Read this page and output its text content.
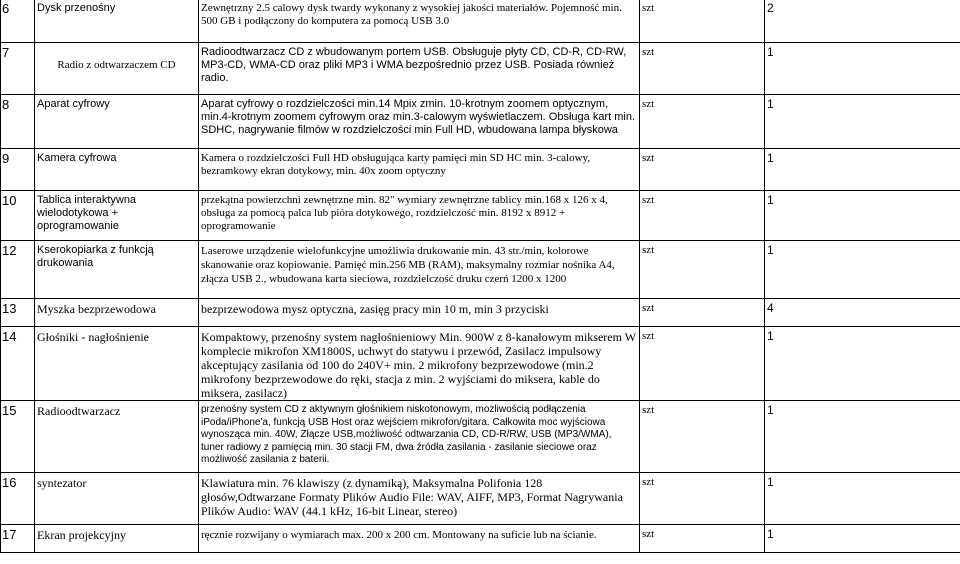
6	Dysk przenośny	Zewnętrzny 2.5 calowy dysk twardy wykonany z wysokiej jakości materiałów. Pojemność min. 500 GB i podłączony do komputera za pomocą USB 3.0	szt	2
7	Radio z odtwarzaczem CD	Radioodtwarzacz CD z wbudowanym portem USB. Obsługuje płyty CD, CD-R, CD-RW, MP3-CD, WMA-CD oraz pliki MP3 i WMA bezpośrednio przez USB. Posiada również radio.	szt	1
8	Aparat cyfrowy	Aparat cyfrowy o rozdzielczości min.14 Mpix zmin. 10-krotnym zoomem optycznym, min.4-krotnym zoomem cyfrowym oraz min.3-calowym wyświetlaczem. Obsługa kart min. SDHC, nagrywanie filmów w rozdzielczości min Full HD, wbudowana lampa błyskowa	szt	1
9	Kamera cyfrowa	Kamera o rozdzielczości Full HD obsługująca karty pamięci min SD HC min. 3-calowy, bezramkowy ekran dotykowy, min. 40x zoom optyczny	szt	1
10	Tablica interaktywna wielodotykowa + oprogramowanie	przekątna powierzchni zewnętrzne min. 82" wymiary zewnętrzne tablicy min.168 x 126 x 4, obsługa za pomocą palca lub pióra dotykowego, rozdzielczość min. 8192 x 8912 + oprogramowanie	szt	1
12	Kserokopiarka z funkcją drukowania	Laserowe urządzenie wielofunkcyjne umożliwia drukowanie min. 43 str./min, kolorowe skanowanie oraz kopiowanie. Pamięć min.256 MB (RAM), maksymalny rozmiar nośnika A4, złącza USB 2., wbudowana karta sieciowa, rozdzielczość druku czerń 1200 x 1200	szt	1
13	Myszka bezprzewodowa	bezprzewodowa mysz optyczna, zasięg pracy min 10 m, min 3 przyciski	szt	4
14	Głośniki - nagłośnienie	Kompaktowy, przenośny system nagłośnieniowy Min. 900W z 8-kanałowym mikserem W komplecie mikrofon XM1800S, uchwyt do statywu i przewód, Zasilacz impulsowy akceptujący zasilania od 100 do 240V+ min. 2 mikrofony bezprzewodowe (min.2 mikrofony bezprzewodowe do ręki, stacja z min. 2 wyjściami do miksera, kable do miksera, zasilacz)	szt	1
15	Radioodtwarzacz	przenośny system CD z aktywnym głośnikiem niskotonowym, możliwością podłączenia iPoda/iPhone'a, funkcją USB Host oraz wejściem mikrofon/gitara. Całkowita moc wyjściowa wynosząca min. 40W, Złącze USB,możliwość odtwarzania CD, CD-R/RW, USB (MP3/WMA), tuner radiowy z pamięcią min. 30 stacji FM, dwa źródła zasilania - zasilanie sieciowe oraz możliwość zasilania z baterii.	szt	1
16	syntezator	Klawiatura min. 76 klawiszy (z dynamiką), Maksymalna Polifonia 128 głosów,Odtwarzane Formaty Plików Audio File: WAV, AIFF, MP3, Format Nagrywania Plików Audio: WAV (44.1 kHz, 16-bit Linear, stereo)	szt	1
17	Ekran projekcyjny	ręcznie rozwijany o wymiarach max. 200 x 200 cm. Montowany na suficie lub na ścianie.	szt	1
